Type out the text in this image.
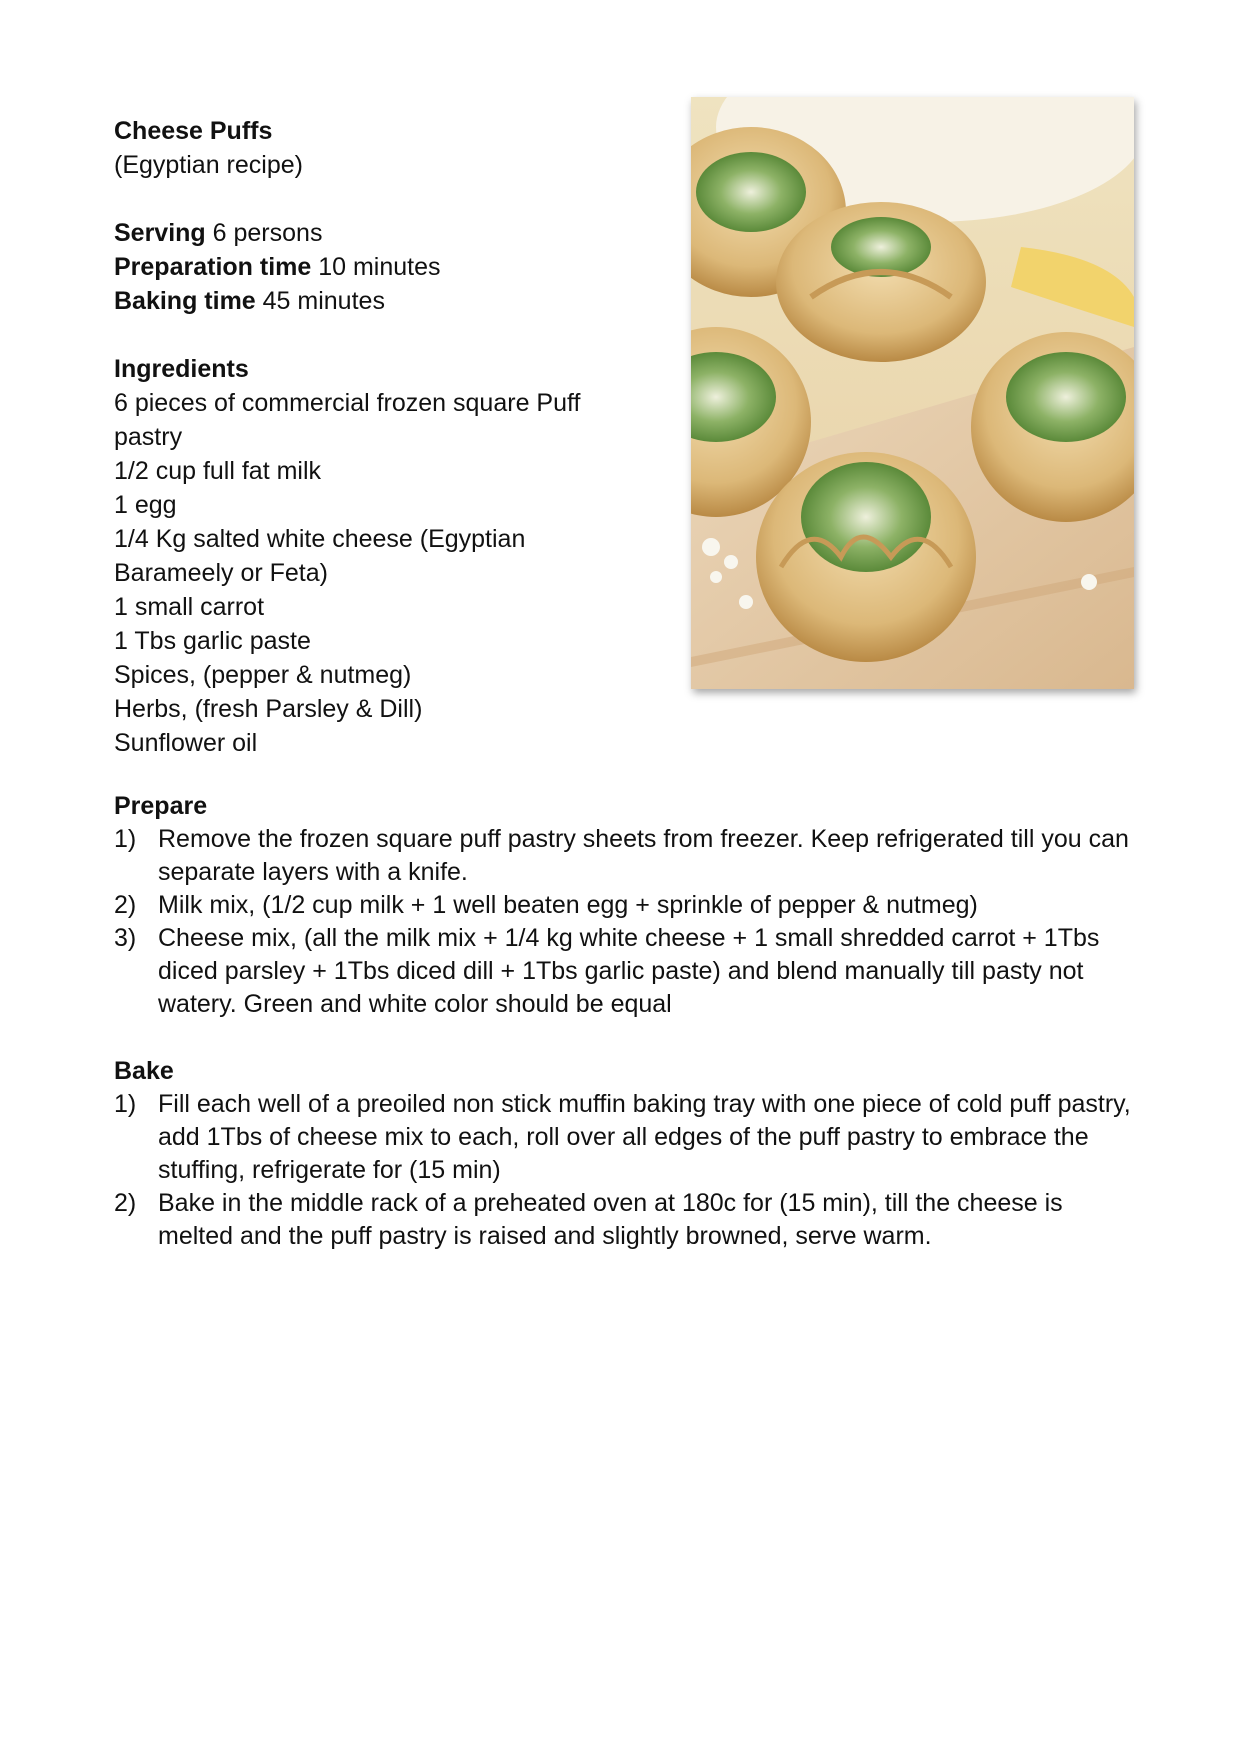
Cheese Puffs

(Egyptian recipe)

Serving 6 persons

Preparation time 10 minutes

Baking time 45 minutes

Ingredients

6 pieces of commercial frozen square Puff pastry

1/2 cup full fat milk

1 egg

1/4 Kg salted white cheese (Egyptian Barameely or Feta)

1 small carrot

1 Tbs garlic paste

Spices, (pepper & nutmeg)

Herbs, (fresh Parsley & Dill)

Sunflower oil

Prepare

1) Remove the frozen square puff pastry sheets from freezer. Keep refrigerated till you can separate layers with a knife.
2) Milk mix, (1/2 cup milk + 1 well beaten egg + sprinkle of pepper & nutmeg)
3) Cheese mix, (all the milk mix + 1/4 kg white cheese + 1 small shredded carrot + 1Tbs diced parsley + 1Tbs diced dill + 1Tbs garlic paste) and blend manually till pasty not watery. Green and white color should be equal

Bake

1) Fill each well of a preoiled non stick muffin baking tray with one piece of cold puff pastry, add 1Tbs of cheese mix to each, roll over all edges of the puff pastry to embrace the stuffing, refrigerate for (15 min)
2) Bake in the middle rack of a preheated oven at 180c for (15 min), till the cheese is melted and the puff pastry is raised and slightly browned, serve warm.
